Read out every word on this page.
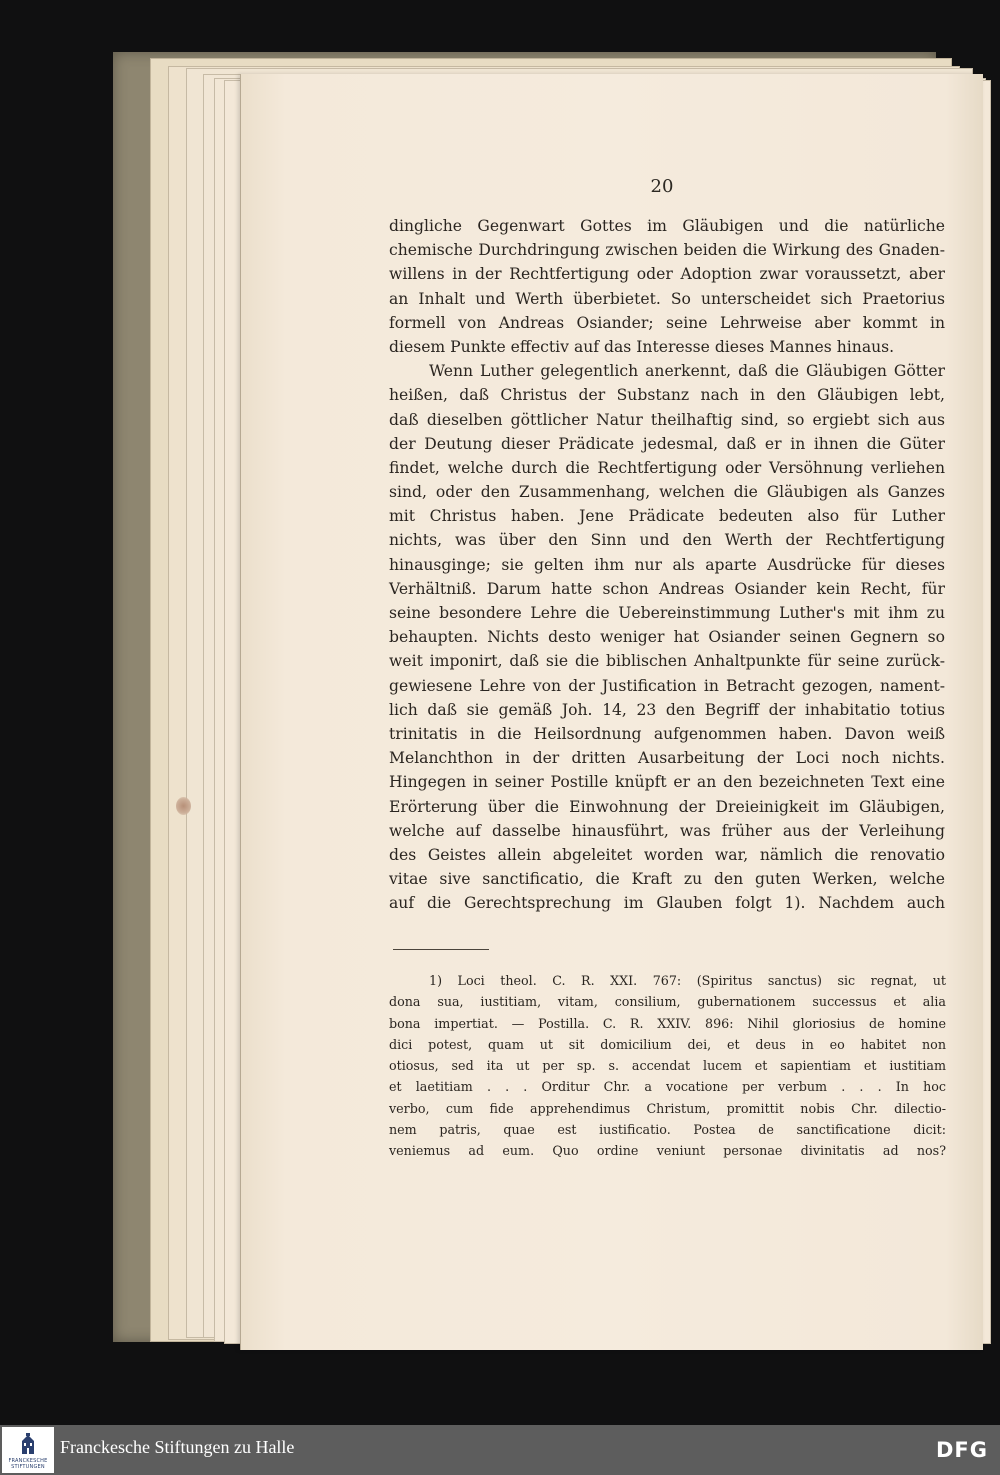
20
dingliche Gegenwart Gottes im Gläubigen und die natürliche
chemische Durchdringung zwischen beiden die Wirkung des Gnaden-
willens in der Rechtfertigung oder Adoption zwar voraussetzt, aber
an Inhalt und Werth überbietet. So unterscheidet sich Praetorius
formell von Andreas Osiander; seine Lehrweise aber kommt in
diesem Punkte effectiv auf das Interesse dieses Mannes hinaus.
Wenn Luther gelegentlich anerkennt, daß die Gläubigen Götter
heißen, daß Christus der Substanz nach in den Gläubigen lebt,
daß dieselben göttlicher Natur theilhaftig sind, so ergiebt sich aus
der Deutung dieser Prädicate jedesmal, daß er in ihnen die Güter
findet, welche durch die Rechtfertigung oder Versöhnung verliehen
sind, oder den Zusammenhang, welchen die Gläubigen als Ganzes
mit Christus haben. Jene Prädicate bedeuten also für Luther
nichts, was über den Sinn und den Werth der Rechtfertigung
hinausginge; sie gelten ihm nur als aparte Ausdrücke für dieses
Verhältniß. Darum hatte schon Andreas Osiander kein Recht, für
seine besondere Lehre die Uebereinstimmung Luther's mit ihm zu
behaupten. Nichts desto weniger hat Osiander seinen Gegnern so
weit imponirt, daß sie die biblischen Anhaltpunkte für seine zurück-
gewiesene Lehre von der Justification in Betracht gezogen, nament-
lich daß sie gemäß Joh. 14, 23 den Begriff der inhabitatio totius
trinitatis in die Heilsordnung aufgenommen haben. Davon weiß
Melanchthon in der dritten Ausarbeitung der Loci noch nichts.
Hingegen in seiner Postille knüpft er an den bezeichneten Text eine
Erörterung über die Einwohnung der Dreieinigkeit im Gläubigen,
welche auf dasselbe hinausführt, was früher aus der Verleihung
des Geistes allein abgeleitet worden war, nämlich die renovatio
vitae sive sanctificatio, die Kraft zu den guten Werken, welche
auf die Gerechtsprechung im Glauben folgt 1). Nachdem auch
1) Loci theol. C. R. XXI. 767: (Spiritus sanctus) sic regnat, ut
dona sua, iustitiam, vitam, consilium, gubernationem successus et alia
bona impertiat. — Postilla. C. R. XXIV. 896: Nihil gloriosius de homine
dici potest, quam ut sit domicilium dei, et deus in eo habitet non
otiosus, sed ita ut per sp. s. accendat lucem et sapientiam et iustitiam
et laetitiam . . . Orditur Chr. a vocatione per verbum . . . In hoc
verbo, cum fide apprehendimus Christum, promittit nobis Chr. dilectio-
nem patris, quae est iustificatio. Postea de sanctificatione dicit:
veniemus ad eum. Quo ordine veniunt personae divinitatis ad nos?
FRANCKESCHE
STIFTUNGEN
Franckesche Stiftungen zu Halle	DFG
